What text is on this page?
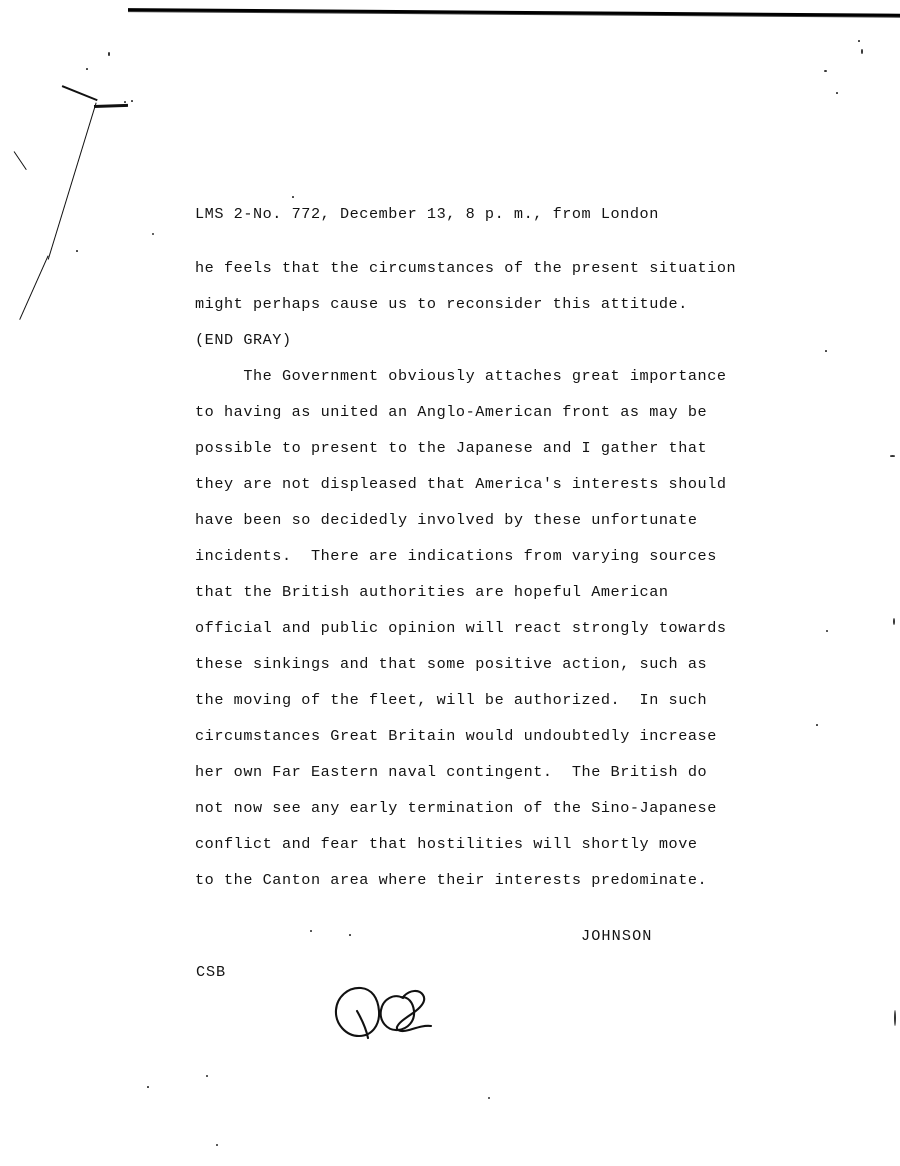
LMS 2-No. 772, December 13, 8 p. m., from London
he feels that the circumstances of the present situation
might perhaps cause us to reconsider this attitude.
(END GRAY)
The Government obviously attaches great importance
to having as united an Anglo-American front as may be
possible to present to the Japanese and I gather that
they are not displeased that America's interests should
have been so decidedly involved by these unfortunate
incidents.  There are indications from varying sources
that the British authorities are hopeful American
official and public opinion will react strongly towards
these sinkings and that some positive action, such as
the moving of the fleet, will be authorized.  In such
circumstances Great Britain would undoubtedly increase
her own Far Eastern naval contingent.  The British do
not now see any early termination of the Sino-Japanese
conflict and fear that hostilities will shortly move
to the Canton area where their interests predominate.
JOHNSON
CSB
